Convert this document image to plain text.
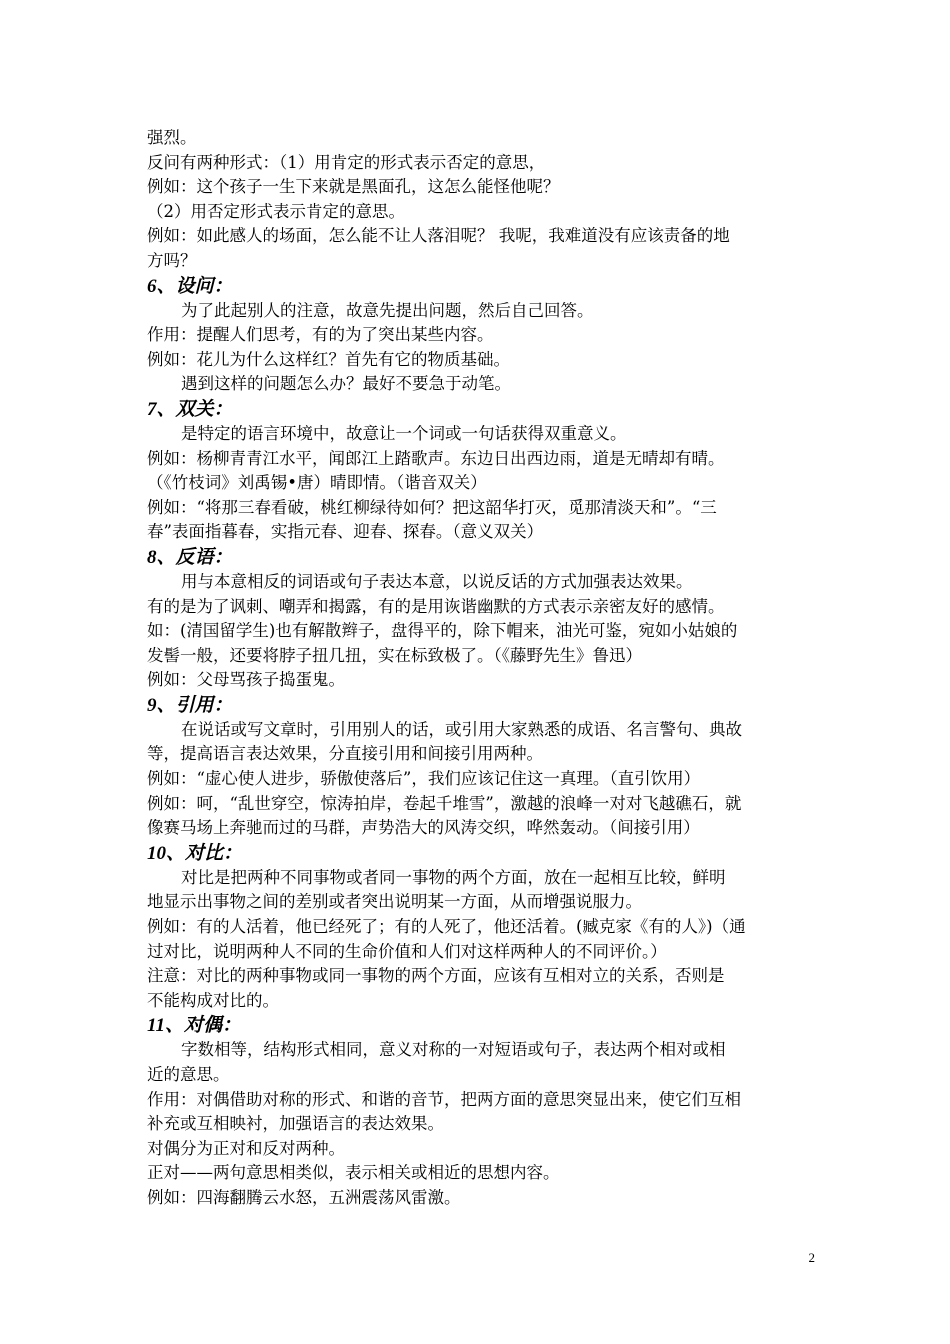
强烈。
反问有两种形式：（1）用肯定的形式表示否定的意思，
例如：这个孩子一生下来就是黑面孔，这怎么能怪他呢？
（2）用否定形式表示肯定的意思。
例如：如此感人的场面，怎么能不让人落泪呢？ 我呢，我难道没有应该责备的地
方吗？
6、设问：
为了此起别人的注意，故意先提出问题，然后自己回答。
作用：提醒人们思考，有的为了突出某些内容。
例如：花儿为什么这样红？首先有它的物质基础。
遇到这样的问题怎么办？最好不要急于动笔。
7、双关：
是特定的语言环境中，故意让一个词或一句话获得双重意义。
例如：杨柳青青江水平，闻郎江上踏歌声。东边日出西边雨，道是无晴却有晴。
（《竹枝词》刘禹锡•唐）晴即情。（谐音双关）
例如：“将那三春看破，桃红柳绿待如何？把这韶华打灭，觅那清淡天和”。“三
春”表面指暮春，实指元春、迎春、探春。（意义双关）
8、反语：
用与本意相反的词语或句子表达本意，以说反话的方式加强表达效果。
有的是为了讽刺、嘲弄和揭露，有的是用诙谐幽默的方式表示亲密友好的感情。
如：(清国留学生)也有解散辫子，盘得平的，除下帽来，油光可鉴，宛如小姑娘的
发髻一般，还要将脖子扭几扭，实在标致极了。（《藤野先生》鲁迅）
例如：父母骂孩子捣蛋鬼。
9、引用：
在说话或写文章时，引用别人的话，或引用大家熟悉的成语、名言警句、典故
等，提高语言表达效果，分直接引用和间接引用两种。
例如：“虚心使人进步，骄傲使落后”，我们应该记住这一真理。（直引饮用）
例如：呵，“乱世穿空，惊涛拍岸，卷起千堆雪”，激越的浪峰一对对飞越礁石，就
像赛马场上奔驰而过的马群，声势浩大的风涛交织，哗然轰动。（间接引用）
10、对比：
对比是把两种不同事物或者同一事物的两个方面，放在一起相互比较，鲜明
地显示出事物之间的差别或者突出说明某一方面，从而增强说服力。
例如：有的人活着，他已经死了；有的人死了，他还活着。(臧克家《有的人》)（通
过对比，说明两种人不同的生命价值和人们对这样两种人的不同评价。）
注意：对比的两种事物或同一事物的两个方面，应该有互相对立的关系，否则是
不能构成对比的。
11、对偶：
字数相等，结构形式相同，意义对称的一对短语或句子，表达两个相对或相
近的意思。
作用：对偶借助对称的形式、和谐的音节，把两方面的意思突显出来，使它们互相
补充或互相映衬，加强语言的表达效果。
对偶分为正对和反对两种。
正对——两句意思相类似，表示相关或相近的思想内容。
例如：四海翻腾云水怒，五洲震荡风雷激。
2
